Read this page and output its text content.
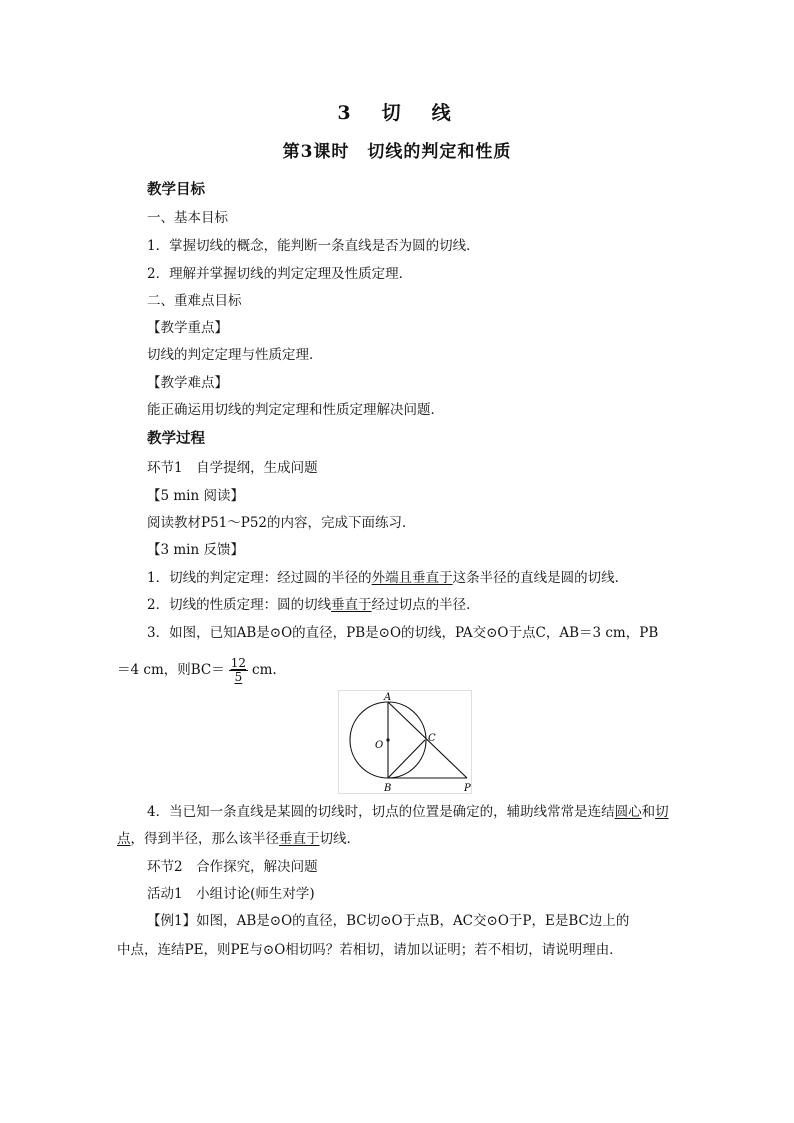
3　切　线
第3课时　切线的判定和性质
教学目标
一、基本目标
1．掌握切线的概念，能判断一条直线是否为圆的切线．
2．理解并掌握切线的判定定理及性质定理．
二、重难点目标
【教学重点】
切线的判定定理与性质定理．
【教学难点】
能正确运用切线的判定定理和性质定理解决问题．
教学过程
环节1　自学提纲，生成问题
【5 min 阅读】
阅读教材P51～P52的内容，完成下面练习．
【3 min 反馈】
1．切线的判定定理：经过圆的半径的外端且垂直于这条半径的直线是圆的切线．
2．切线的性质定理：圆的切线垂直于经过切点的半径．
3．如图，已知AB是⊙O的直径，PB是⊙O的切线，PA交⊙O于点C，AB＝3 cm，PB
＝4 cm，则$BC= \frac{12}{5}$ cm.
A
O
C
B	P
4．当已知一条直线是某圆的切线时，切点的位置是确定的，辅助线常常是连结圆心和切
点，得到半径，那么该半径垂直于切线．
环节2　合作探究，解决问题
活动1　小组讨论(师生对学)
【例1】如图，AB是⊙O的直径，BC切⊙O于点B，AC交⊙O于P，E是BC边上的
中点，连结PE，则PE与⊙O相切吗？若相切，请加以证明；若不相切，请说明理由．
